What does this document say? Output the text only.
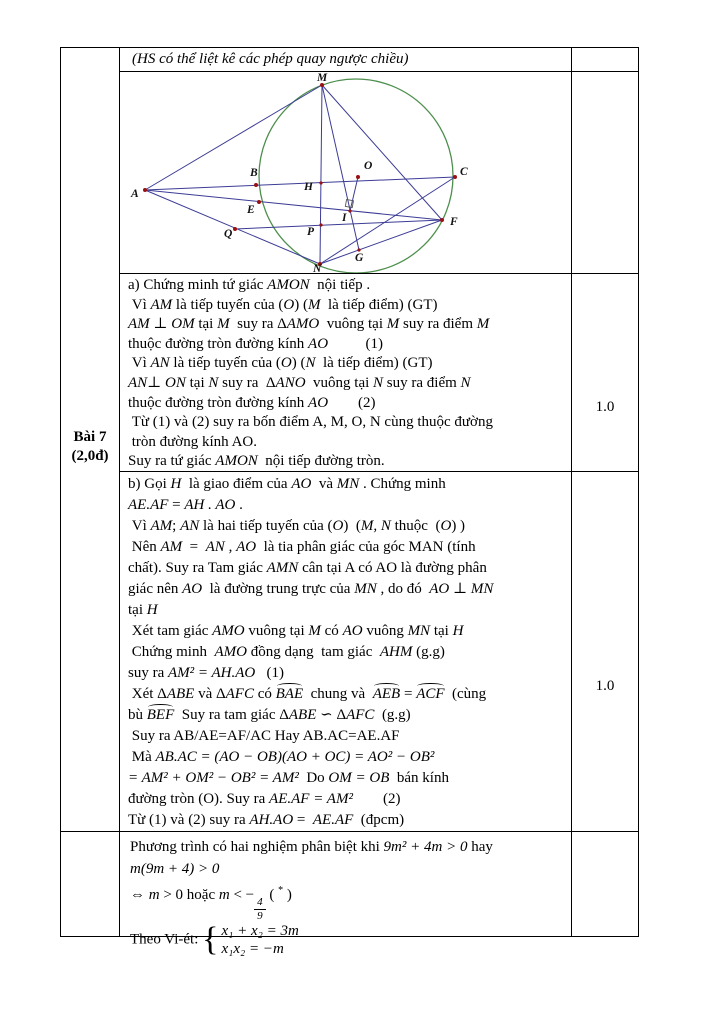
Bài 7
(2,0đ)
(HS có thể liệt kê các phép quay ngược chiều)
M
A
B
O	C
H
E
I	F
Q	P
G
N
a) Chứng minh tứ giác AMON  nội tiếp .
Vì AM là tiếp tuyến của (O) (M  là tiếp điểm) (GT)
AM ⊥ OM tại M  suy ra ΔAMO  vuông tại M suy ra điểm M
thuộc đường tròn đường kính AO          (1)
Vì AN là tiếp tuyến của (O) (N  là tiếp điểm) (GT)
AN⊥ ON tại N suy ra  ΔANO  vuông tại N suy ra điểm N
thuộc đường tròn đường kính AO        (2)
Từ (1) và (2) suy ra bốn điểm A, M, O, N cùng thuộc đường
tròn đường kính AO.
Suy ra tứ giác AMON  nội tiếp đường tròn.
1.0
b) Gọi H  là giao điểm của AO  và MN . Chứng minh
AE.AF = AH . AO .
Vì AM; AN là hai tiếp tuyến của (O)  (M, N thuộc  (O) )
Nên AM  =  AN , AO  là tia phân giác của góc MAN (tính
chất). Suy ra Tam giác AMN cân tại A có AO là đường phân
giác nên AO  là đường trung trực của MN , do đó  AO ⊥ MN
tại H
Xét tam giác AMO vuông tại M có AO vuông MN tại H
Chứng minh  AMO đồng dạng  tam giác  AHM (g.g)
suy ra AM² = AH.AO   (1)
Xét ΔABE và ΔAFC có BAE  chung và  AEB = ACF  (cùng
bù BEF  Suy ra tam giác ΔABE ∽ ΔAFC  (g.g)
Suy ra AB/AE=AF/AC Hay AB.AC=AE.AF
Mà AB.AC = (AO − OB)(AO + OC) = AO² − OB²
= AM² + OM² − OB² = AM²  Do OM = OB  bán kính
đường tròn (O). Suy ra AE.AF = AM²        (2)
Từ (1) và (2) suy ra AH.AO =  AE.AF  (đpcm)
1.0
Phương trình có hai nghiệm phân biệt khi 9m² + 4m > 0 hay
m(9m + 4) > 0
⇔ m > 0 hoặc m < −
$\frac{4}{9}$
( * )
Theo Vi-ét: { x₁ + x₂ = 3m
x₁x₂ = −m
